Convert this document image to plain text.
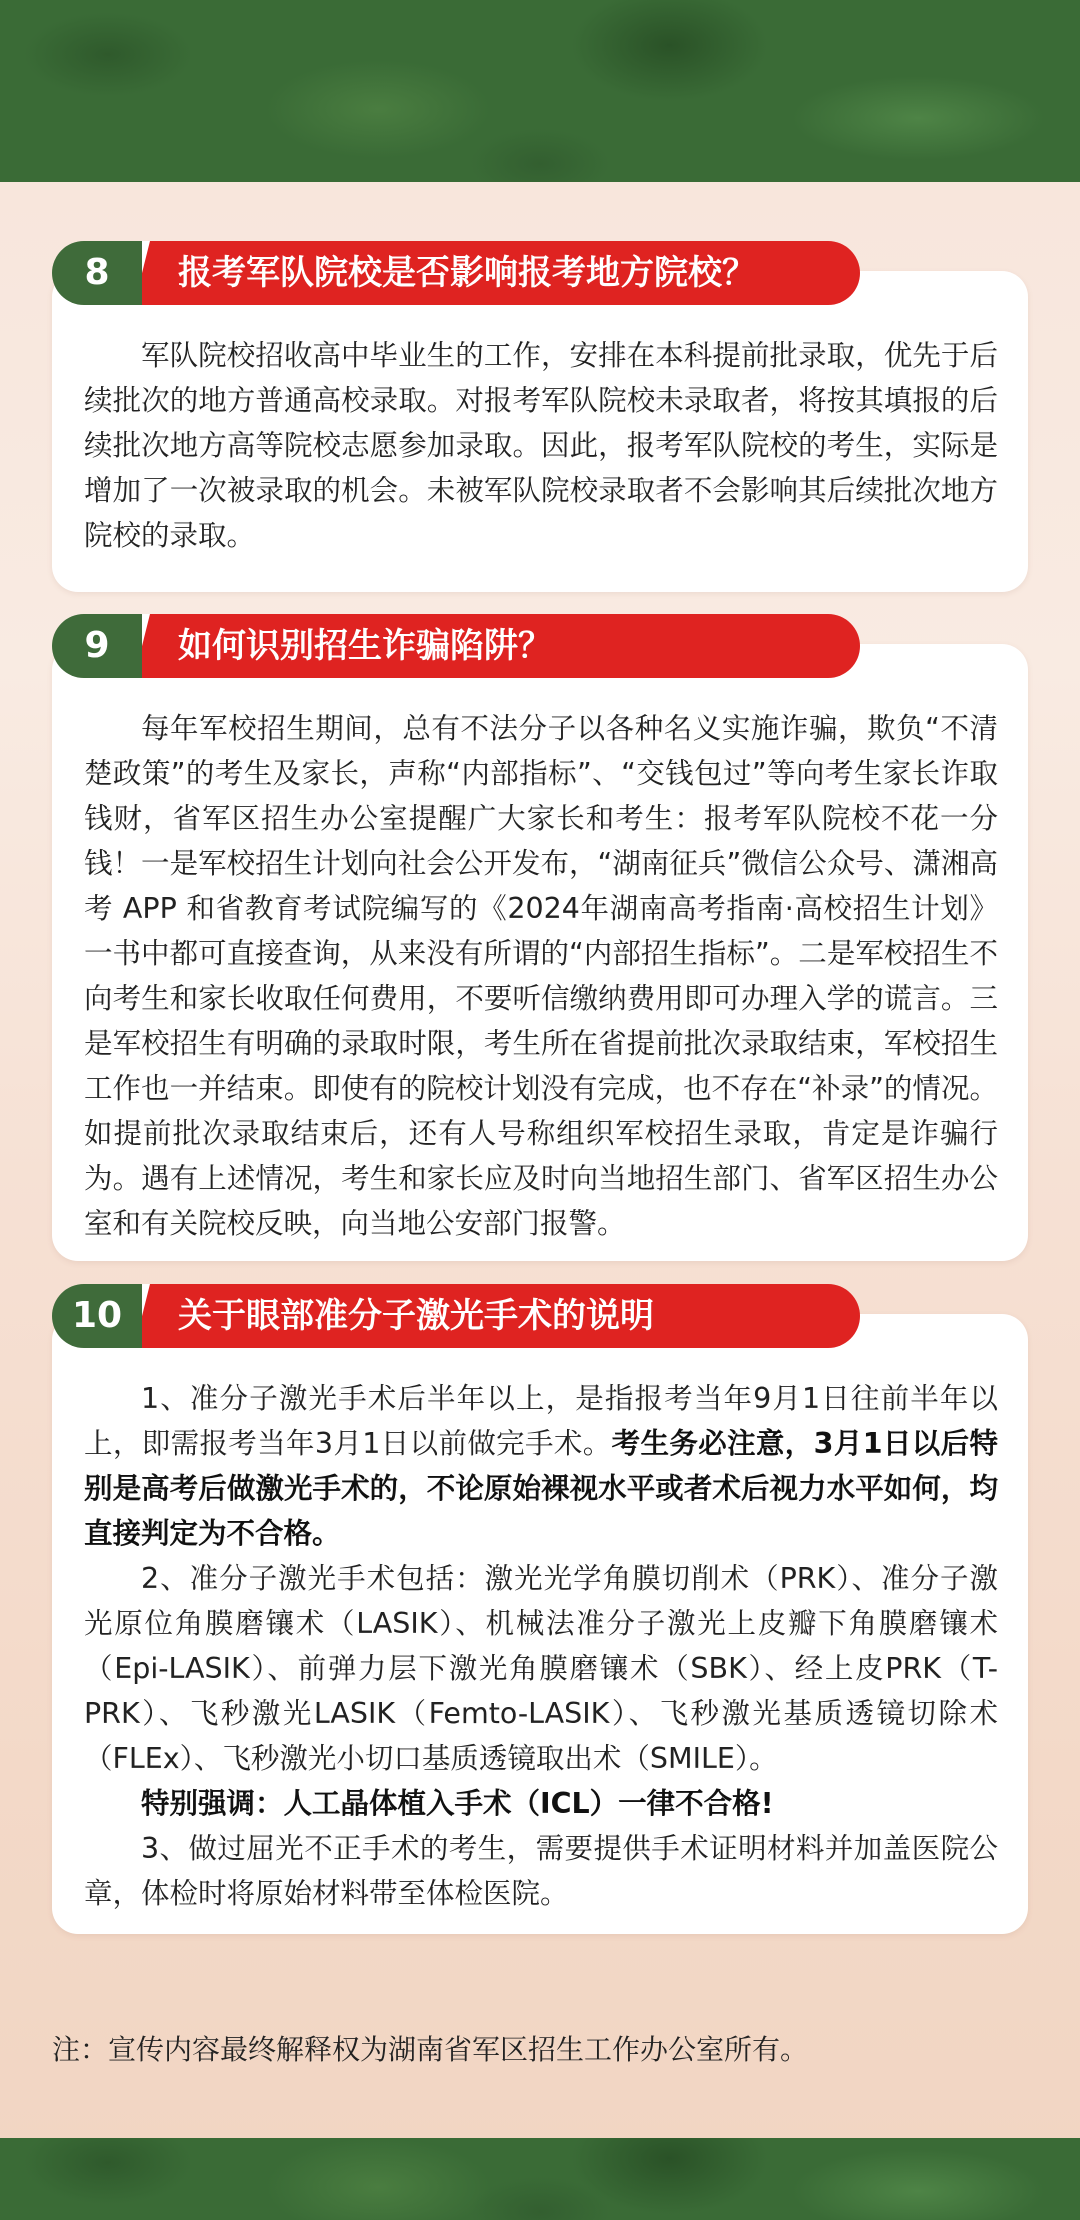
8	报考军队院校是否影响报考地方院校？

军队院校招收高中毕业生的工作，安排在本科提前批录取，优先于后续批次的地方普通高校录取。对报考军队院校未录取者，将按其填报的后续批次地方高等院校志愿参加录取。因此，报考军队院校的考生，实际是增加了一次被录取的机会。未被军队院校录取者不会影响其后续批次地方院校的录取。

9	如何识别招生诈骗陷阱？

每年军校招生期间，总有不法分子以各种名义实施诈骗，欺负“不清楚政策”的考生及家长，声称“内部指标”、“交钱包过”等向考生家长诈取钱财，省军区招生办公室提醒广大家长和考生：报考军队院校不花一分钱！一是军校招生计划向社会公开发布，“湖南征兵”微信公众号、潇湘高考 APP 和省教育考试院编写的《2024年湖南高考指南·高校招生计划》一书中都可直接查询，从来没有所谓的“内部招生指标”。二是军校招生不向考生和家长收取任何费用，不要听信缴纳费用即可办理入学的谎言。三是军校招生有明确的录取时限，考生所在省提前批次录取结束，军校招生工作也一并结束。即使有的院校计划没有完成，也不存在“补录”的情况。如提前批次录取结束后，还有人号称组织军校招生录取，肯定是诈骗行为。遇有上述情况，考生和家长应及时向当地招生部门、省军区招生办公室和有关院校反映，向当地公安部门报警。

10	关于眼部准分子激光手术的说明

1、准分子激光手术后半年以上，是指报考当年9月1日往前半年以上，即需报考当年3月1日以前做完手术。考生务必注意，3月1日以后特别是高考后做激光手术的，不论原始裸视水平或者术后视力水平如何，均直接判定为不合格。

2、准分子激光手术包括：激光光学角膜切削术（PRK）、准分子激光原位角膜磨镶术（LASIK）、机械法准分子激光上皮瓣下角膜磨镶术（Epi-LASIK）、前弹力层下激光角膜磨镶术（SBK）、经上皮PRK（T-PRK）、飞秒激光LASIK（Femto-LASIK）、飞秒激光基质透镜切除术（FLEx）、飞秒激光小切口基质透镜取出术（SMILE）。

特别强调：人工晶体植入手术（ICL）一律不合格!

3、做过屈光不正手术的考生，需要提供手术证明材料并加盖医院公章，体检时将原始材料带至体检医院。

注：宣传内容最终解释权为湖南省军区招生工作办公室所有。
